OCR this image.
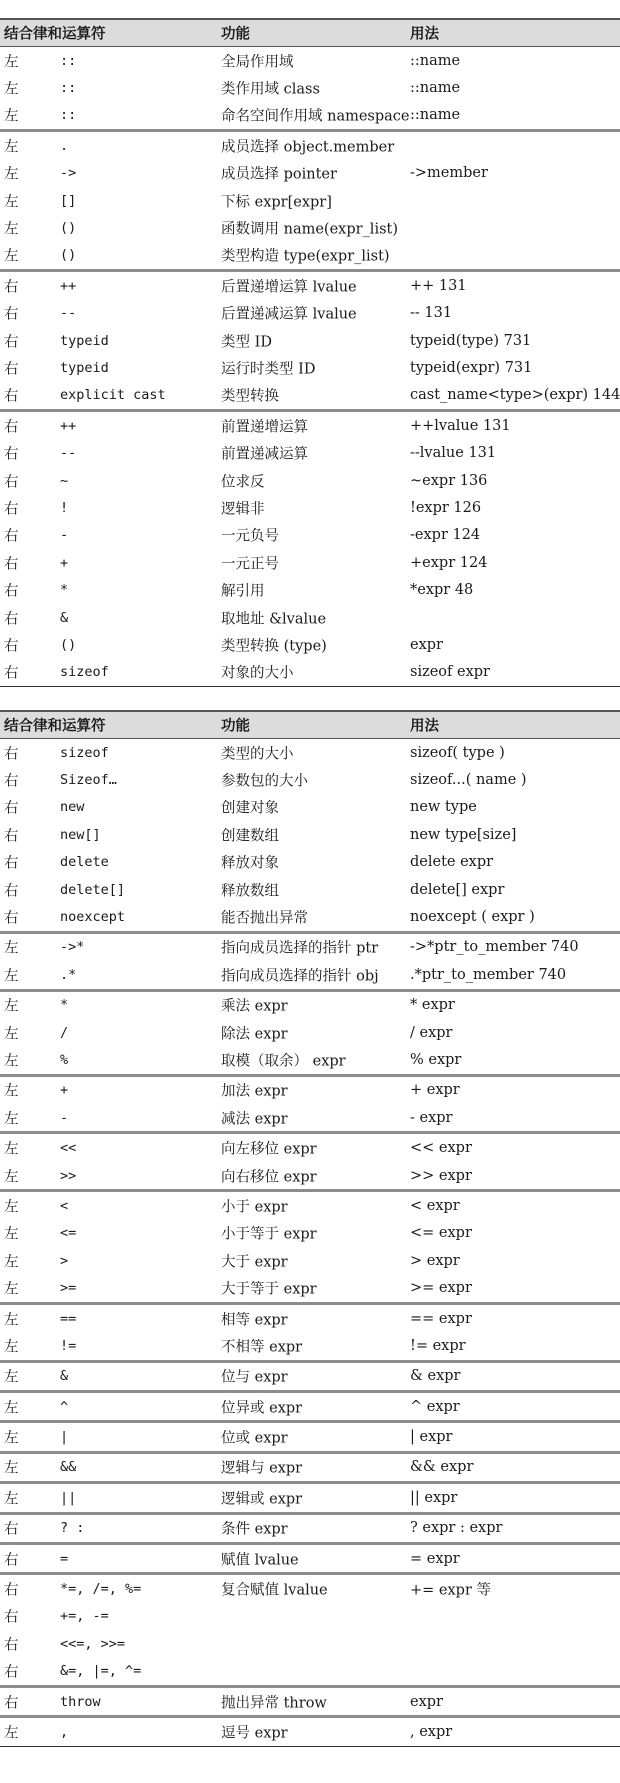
结合律和运算符	功能	用法
左	::	全局作用域	::name
左	::	类作用域 class	::name
左	::	命名空间作用域 namespace ::name
左	.	成员选择 object.member
左	->	成员选择 pointer	->member
左	[]	下标 expr[expr]
左	()	函数调用 name(expr_list)
左	()	类型构造 type(expr_list)
右	++	后置递增运算 lvalue	++ 131
右	--	后置递减运算 lvalue	-- 131
右	typeid	类型 ID	typeid(type) 731
右	typeid	运行时类型 ID	typeid(expr) 731
右	explicit cast	类型转换	cast_name<type>(expr) 144
右	++	前置递增运算	++lvalue 131
右	--	前置递减运算	--lvalue 131
右	~	位求反	~expr 136
右	!	逻辑非	!expr 126
右	-	一元负号	-expr 124
右	+	一元正号	+expr 124
右	*	解引用	*expr 48
右	&	取地址 &lvalue
右	()	类型转换 (type)	expr
右	sizeof	对象的大小	sizeof expr
结合律和运算符	功能	用法
右	sizeof	类型的大小	sizeof( type )
右	Sizeof…	参数包的大小	sizeof...( name )
右	new	创建对象	new type
右	new[]	创建数组	new type[size]
右	delete	释放对象	delete expr
右	delete[]	释放数组	delete[] expr
右	noexcept	能否抛出异常	noexcept ( expr )
左	->*	指向成员选择的指针 ptr ->*ptr_to_member 740
左	.*	指向成员选择的指针 obj .*ptr_to_member 740
左	*	乘法 expr	* expr
左	/	除法 expr	/ expr
左	%	取模（取余） expr	% expr
左	+	加法 expr	+ expr
左	-	减法 expr	- expr
左	<<	向左移位 expr	<< expr
左	>>	向右移位 expr	>> expr
左	<	小于 expr	< expr
左	<=	小于等于 expr	<= expr
左	>	大于 expr	> expr
左	>=	大于等于 expr	>= expr
左	==	相等 expr	== expr
左	!=	不相等 expr	!= expr
左	&	位与 expr	& expr
左	^	位异或 expr	^ expr
左	|	位或 expr	| expr
左	&&	逻辑与 expr	&& expr
左	||	逻辑或 expr	|| expr
右	? :	条件 expr	? expr : expr
右	=	赋值 lvalue	= expr
右	*=, /=, %=	复合赋值 lvalue	+= expr 等
右	+=, -=
右	<<=, >>=
右	&=, |=, ^=
右	throw	抛出异常 throw	expr
左	,	逗号 expr	, expr
